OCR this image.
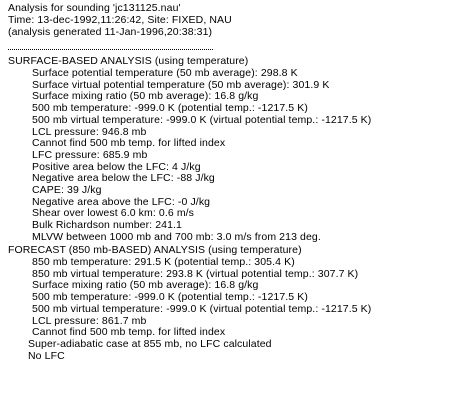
Analysis for sounding 'jc131125.nau'
Time: 13-dec-1992,11:26:42, Site: FIXED, NAU
(analysis generated 11-Jan-1996,20:38:31)
SURFACE-BASED ANALYSIS (using temperature)
Surface potential temperature (50 mb average): 298.8 K
Surface virtual potential temperature (50 mb average): 301.9 K
Surface mixing ratio (50 mb average): 16.8 g/kg
500 mb temperature: -999.0 K (potential temp.: -1217.5 K)
500 mb virtual temperature: -999.0 K (virtual potential temp.: -1217.5 K)
LCL pressure: 946.8 mb
Cannot find 500 mb temp. for lifted index
LFC pressure: 685.9 mb
Positive area below the LFC: 4 J/kg
Negative area below the LFC: -88 J/kg
CAPE: 39 J/kg
Negative area above the LFC: -0 J/kg
Shear over lowest 6.0 km: 0.6 m/s
Bulk Richardson number: 241.1
MLVW between 1000 mb and 700 mb: 3.0 m/s from 213 deg.
FORECAST (850 mb-BASED) ANALYSIS (using temperature)
850 mb temperature: 291.5 K (potential temp.: 305.4 K)
850 mb virtual temperature: 293.8 K (virtual potential temp.: 307.7 K)
Surface mixing ratio (50 mb average): 16.8 g/kg
500 mb temperature: -999.0 K (potential temp.: -1217.5 K)
500 mb virtual temperature: -999.0 K (virtual potential temp.: -1217.5 K)
LCL pressure: 861.7 mb
Cannot find 500 mb temp. for lifted index
Super-adiabatic case at 855 mb, no LFC calculated
No LFC
